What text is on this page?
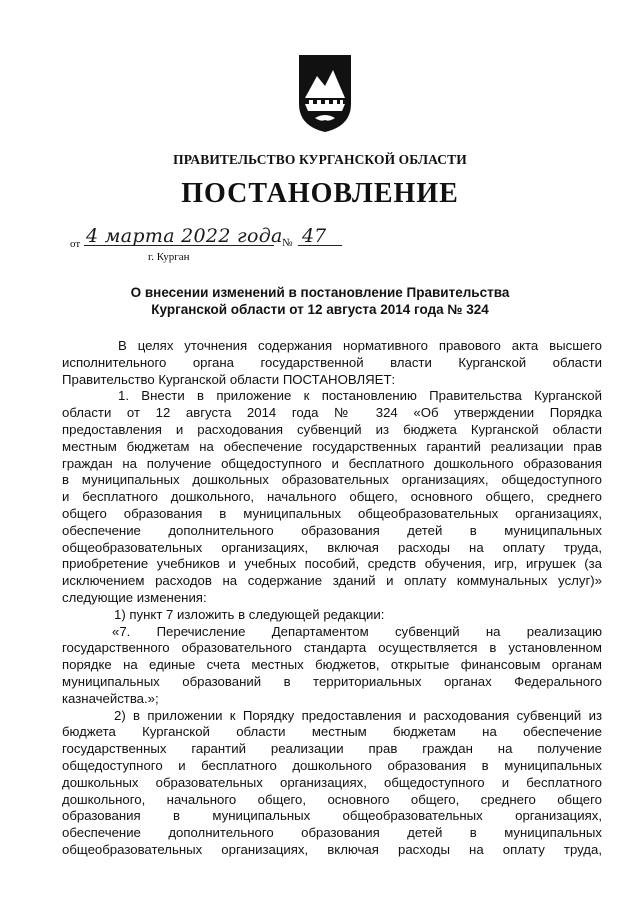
ПРАВИТЕЛЬСТВО КУРГАНСКОЙ ОБЛАСТИ
ПОСТАНОВЛЕНИЕ
от 4 марта 2022 года № 47
г. Курган
О внесении изменений в постановление Правительства
Курганской области от 12 августа 2014 года № 324
В целях уточнения содержания нормативного правового акта высшего
исполнительного органа государственной власти Курганской области
Правительство Курганской области ПОСТАНОВЛЯЕТ:
1. Внести в приложение к постановлению Правительства Курганской
области от 12 августа 2014 года № 324 «Об утверждении Порядка
предоставления и расходования субвенций из бюджета Курганской области
местным бюджетам на обеспечение государственных гарантий реализации прав
граждан на получение общедоступного и бесплатного дошкольного образования
в муниципальных дошкольных образовательных организациях, общедоступного
и бесплатного дошкольного, начального общего, основного общего, среднего
общего образования в муниципальных общеобразовательных организациях,
обеспечение дополнительного образования детей в муниципальных
общеобразовательных организациях, включая расходы на оплату труда,
приобретение учебников и учебных пособий, средств обучения, игр, игрушек (за
исключением расходов на содержание зданий и оплату коммунальных услуг)»
следующие изменения:
1) пункт 7 изложить в следующей редакции:
«7. Перечисление Департаментом субвенций на реализацию
государственного образовательного стандарта осуществляется в установленном
порядке на единые счета местных бюджетов, открытые финансовым органам
муниципальных образований в территориальных органах Федерального
казначейства.»;
2) в приложении к Порядку предоставления и расходования субвенций из
бюджета Курганской области местным бюджетам на обеспечение
государственных гарантий реализации прав граждан на получение
общедоступного и бесплатного дошкольного образования в муниципальных
дошкольных образовательных организациях, общедоступного и бесплатного
дошкольного, начального общего, основного общего, среднего общего
образования в муниципальных общеобразовательных организациях,
обеспечение дополнительного образования детей в муниципальных
общеобразовательных организациях, включая расходы на оплату труда,
